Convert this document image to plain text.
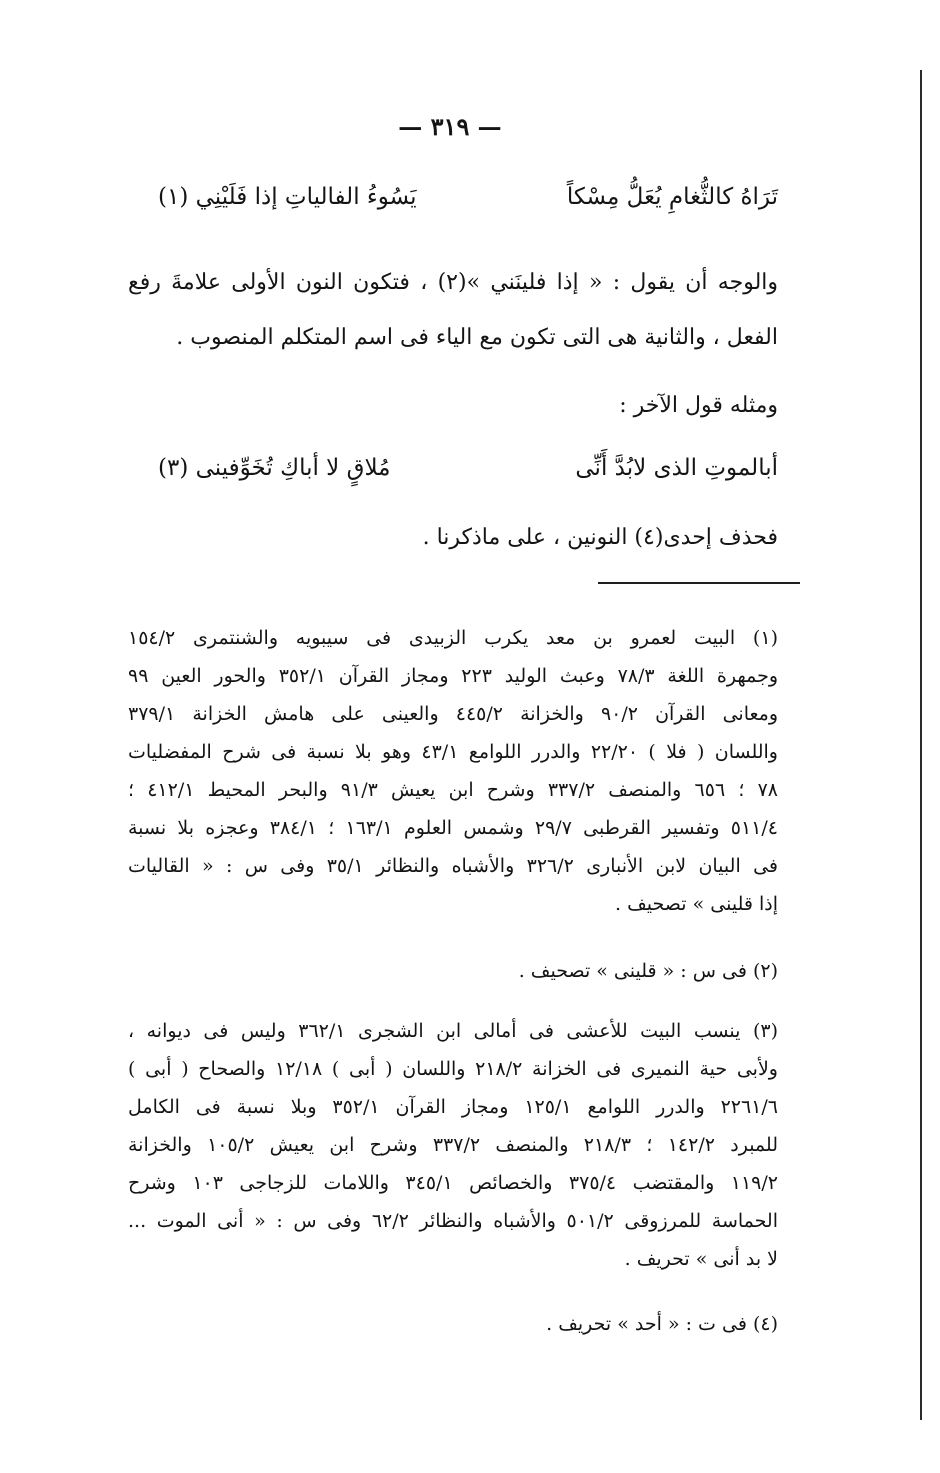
— ٣١٩ —
تَرَاهُ كالثُّغامِ يُعَلُّ مِسْكاً
يَسُوءُ الفالياتِ إذا فَلَيْنِي (١)
والوجه أن يقول : « إذا فلينَني »(٢) ، فتكون النون الأولى علامةَ رفع
الفعل ، والثانية هى التى تكون مع الياء فى اسم المتكلم المنصوب .
ومثله قول الآخر :
أبالموتِ الذى لابُدَّ أَنِّى
مُلاقٍ لا أباكِ تُخَوِّفينى (٣)
فحذف إحدى(٤) النونين ، على ماذكرنا .
(١) البيت لعمرو بن معد يكرب الزبيدى فى سيبويه والشنتمرى ١٥٤/٢
وجمهرة اللغة ٧٨/٣ وعبث الوليد ٢٢٣ ومجاز القرآن ٣٥٢/١ والحور العين ٩٩
ومعانى القرآن ٩٠/٢ والخزانة ٤٤٥/٢ والعينى على هامش الخزانة ٣٧٩/١
واللسان ( فلا ) ٢٢/٢٠ والدرر اللوامع ٤٣/١ وهو بلا نسبة فى شرح المفضليات
٧٨ ؛ ٦٥٦ والمنصف ٣٣٧/٢ وشرح ابن يعيش ٩١/٣ والبحر المحيط ٤١٢/١ ؛
٥١١/٤ وتفسير القرطبى ٢٩/٧ وشمس العلوم ١٦٣/١ ؛ ٣٨٤/١ وعجزه بلا نسبة
فى البيان لابن الأنبارى ٣٢٦/٢ والأشباه والنظائر ٣٥/١ وفى س : « القاليات
إذا قلينى » تصحيف .
(٢) فى س : « قلينى » تصحيف .
(٣) ينسب البيت للأعشى فى أمالى ابن الشجرى ٣٦٢/١ وليس فى ديوانه ،
ولأبى حية النميرى فى الخزانة ٢١٨/٢ واللسان ( أبى ) ١٢/١٨ والصحاح ( أبى )
٢٢٦١/٦ والدرر اللوامع ١٢٥/١ ومجاز القرآن ٣٥٢/١ وبلا نسبة فى الكامل
للمبرد ١٤٢/٢ ؛ ٢١٨/٣ والمنصف ٣٣٧/٢ وشرح ابن يعيش ١٠٥/٢ والخزانة
١١٩/٢ والمقتضب ٣٧٥/٤ والخصائص ٣٤٥/١ واللامات للزجاجى ١٠٣ وشرح
الحماسة للمرزوقى ٥٠١/٢ والأشباه والنظائر ٦٢/٢ وفى س : « أنى الموت ...
لا بد أنى » تحريف .
(٤) فى ت : « أحد » تحريف .
